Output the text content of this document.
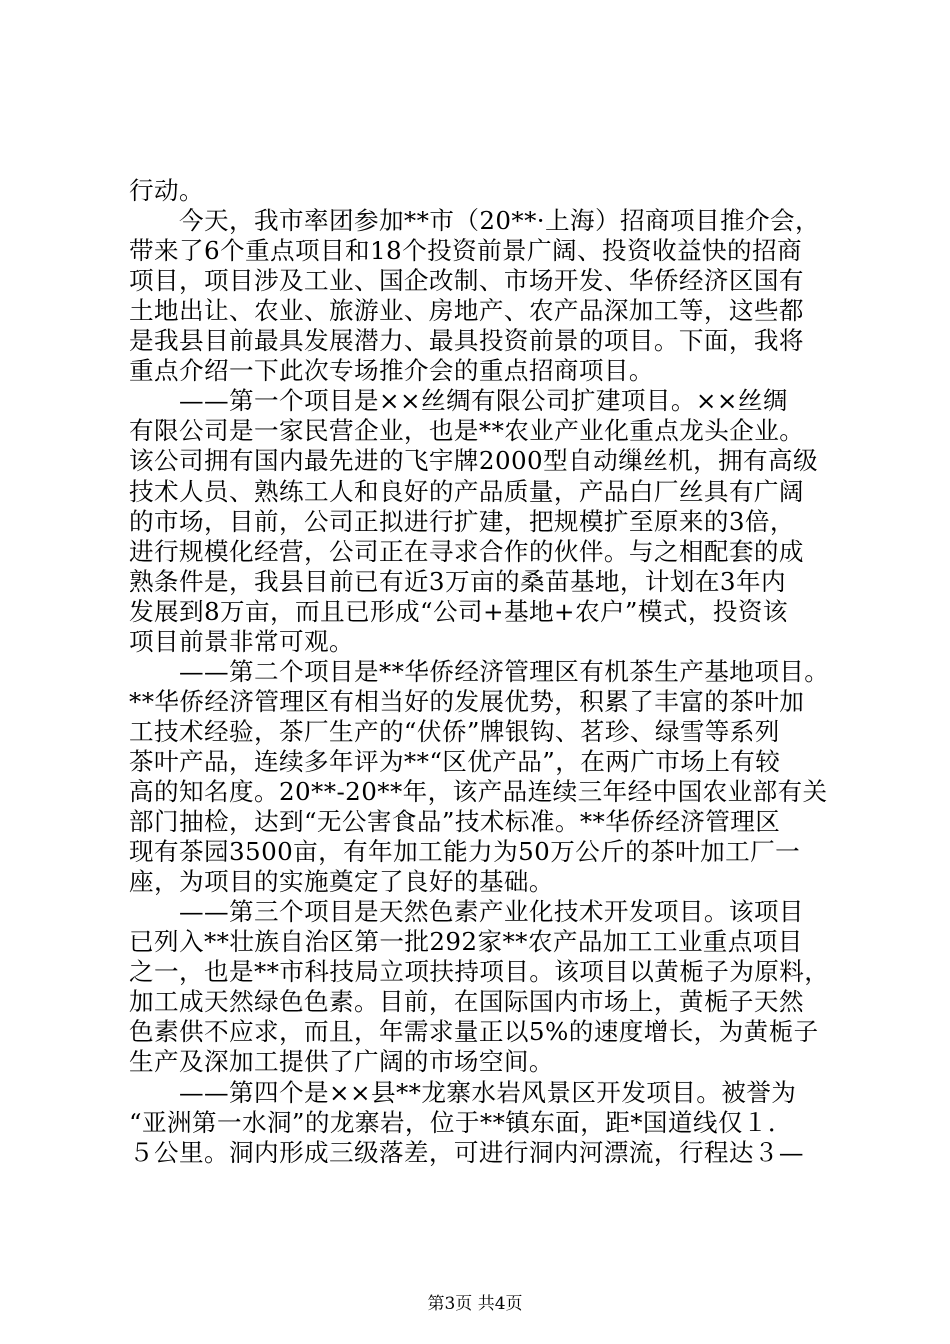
行动。
　　今天，我市率团参加**市（20**·上海）招商项目推介会，
带来了6个重点项目和18个投资前景广阔、投资收益快的招商
项目，项目涉及工业、国企改制、市场开发、华侨经济区国有
土地出让、农业、旅游业、房地产、农产品深加工等，这些都
是我县目前最具发展潜力、最具投资前景的项目。下面，我将
重点介绍一下此次专场推介会的重点招商项目。
　　——第一个项目是××丝绸有限公司扩建项目。××丝绸
有限公司是一家民营企业，也是**农业产业化重点龙头企业。
该公司拥有国内最先进的飞宇牌2000型自动缫丝机，拥有高级
技术人员、熟练工人和良好的产品质量，产品白厂丝具有广阔
的市场，目前，公司正拟进行扩建，把规模扩至原来的3倍，
进行规模化经营，公司正在寻求合作的伙伴。与之相配套的成
熟条件是，我县目前已有近3万亩的桑苗基地，计划在3年内
发展到8万亩，而且已形成“公司+基地+农户”模式，投资该
项目前景非常可观。
　　——第二个项目是**华侨经济管理区有机茶生产基地项目。
**华侨经济管理区有相当好的发展优势，积累了丰富的茶叶加
工技术经验，茶厂生产的“伏侨”牌银钩、茗珍、绿雪等系列
茶叶产品，连续多年评为**“区优产品”，在两广市场上有较
高的知名度。20**-20**年，该产品连续三年经中国农业部有关
部门抽检，达到“无公害食品”技术标准。**华侨经济管理区
现有茶园3500亩，有年加工能力为50万公斤的茶叶加工厂一
座，为项目的实施奠定了良好的基础。
　　——第三个项目是天然色素产业化技术开发项目。该项目
已列入**壮族自治区第一批292家**农产品加工工业重点项目
之一，也是**市科技局立项扶持项目。该项目以黄栀子为原料，
加工成天然绿色色素。目前，在国际国内市场上，黄栀子天然
色素供不应求，而且，年需求量正以5%的速度增长，为黄栀子
生产及深加工提供了广阔的市场空间。
　　——第四个是××县**龙寨水岩风景区开发项目。被誉为
“亚洲第一水洞”的龙寨岩，位于**镇东面，距*国道线仅１．
５公里。洞内形成三级落差，可进行洞内河漂流，行程达３—
第3页 共4页
